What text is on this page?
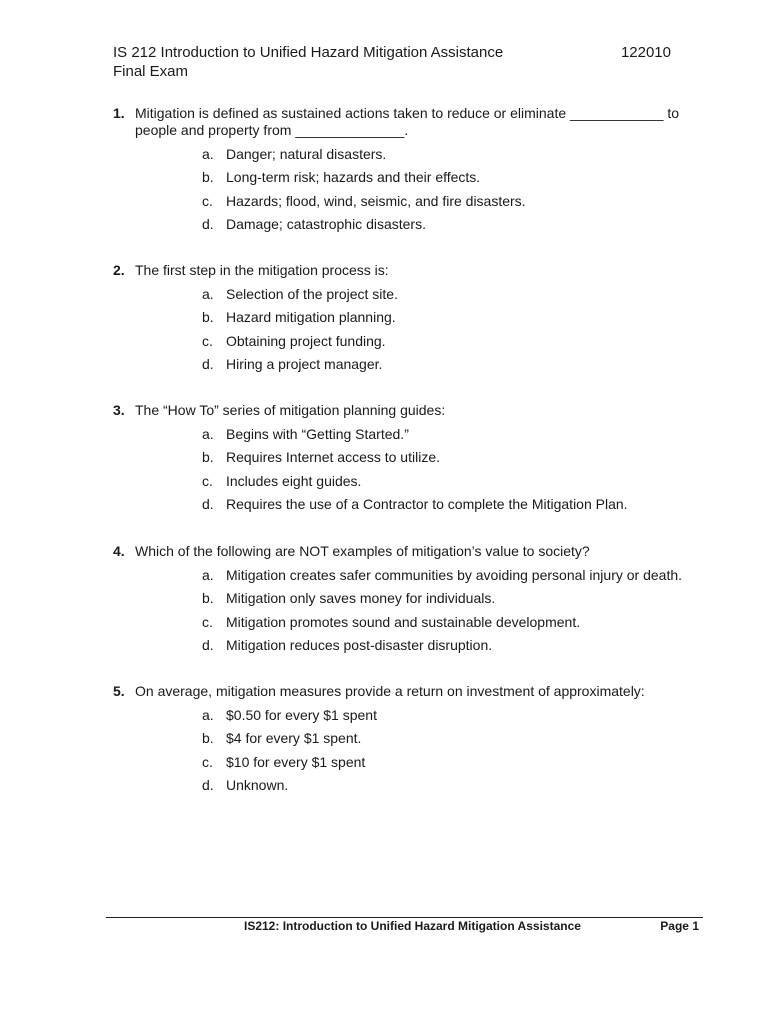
IS 212 Introduction to Unified Hazard Mitigation Assistance	122010
Final Exam
1. Mitigation is defined as sustained actions taken to reduce or eliminate ____________ to people and property from ______________.
a. Danger; natural disasters.
b. Long-term risk; hazards and their effects.
c. Hazards; flood, wind, seismic, and fire disasters.
d. Damage; catastrophic disasters.
2. The first step in the mitigation process is:
a. Selection of the project site.
b. Hazard mitigation planning.
c. Obtaining project funding.
d. Hiring a project manager.
3. The “How To” series of mitigation planning guides:
a. Begins with “Getting Started.”
b. Requires Internet access to utilize.
c. Includes eight guides.
d. Requires the use of a Contractor to complete the Mitigation Plan.
4. Which of the following are NOT examples of mitigation’s value to society?
a. Mitigation creates safer communities by avoiding personal injury or death.
b. Mitigation only saves money for individuals.
c. Mitigation promotes sound and sustainable development.
d. Mitigation reduces post-disaster disruption.
5. On average, mitigation measures provide a return on investment of approximately:
a. $0.50 for every $1 spent
b. $4 for every $1 spent.
c. $10 for every $1 spent
d. Unknown.
IS212: Introduction to Unified Hazard Mitigation Assistance	Page 1
